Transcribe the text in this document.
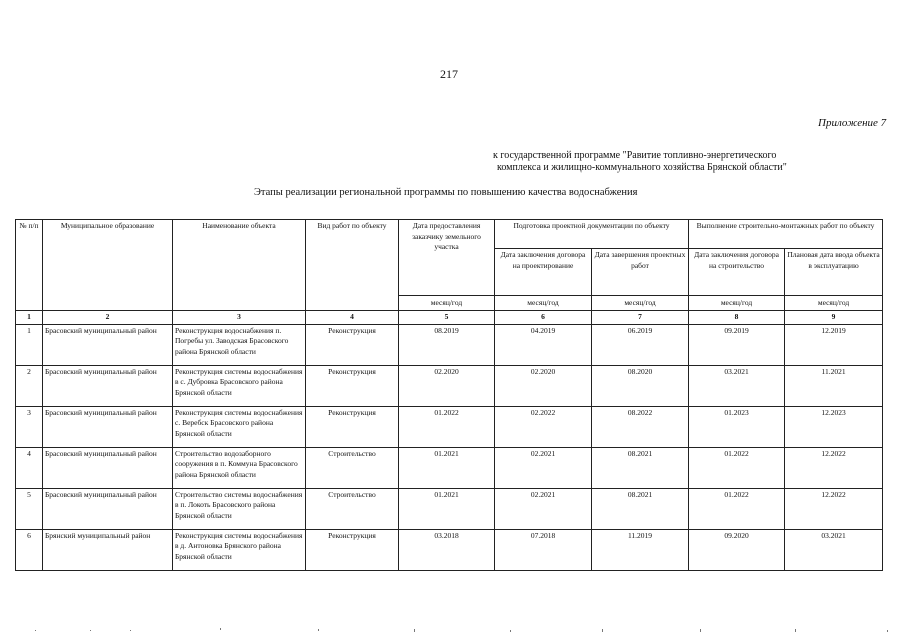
217
Приложение 7
к государственной программе "Равитие топливно-энергетического
комплекса и жилищно-коммунального хозяйства Брянской области"
Этапы реализации региональной программы по повышению качества водоснабжения
№ п/п	Муниципальное образование	Наименование объекта	Вид работ по объекту	Дата предоставления заказчику земельного участка	Подготовка проектной документации по объекту		Выполнение строительно-монтажных работ по объекту	
					Дата заключения договора на проектирование	Дата завершения проектных работ	Дата заключения договора на строительство	Плановая дата ввода объекта в эксплуатацию
				месяц/год	месяц/год	месяц/год	месяц/год	месяц/год
1	2	3	4	5	6	7	8	9
1	Брасовский муниципальный район	Реконструкция водоснабжения п. Погребы ул. Заводская Брасовского района Брянской области	Реконструкция	08.2019	04.2019	06.2019	09.2019	12.2019
2	Брасовский муниципальный район	Реконструкция системы водоснабжения в с. Дубровка Брасовского района Брянской области	Реконструкция	02.2020	02.2020	08.2020	03.2021	11.2021
3	Брасовский муниципальный район	Реконструкция системы водоснабжения с. Веребск Брасовского района Брянской области	Реконструкция	01.2022	02.2022	08.2022	01.2023	12.2023
4	Брасовский муниципальный район	Строительство водозаборного сооружения в п. Коммуна Брасовского района Брянской области	Строительство	01.2021	02.2021	08.2021	01.2022	12.2022
5	Брасовский муниципальный район	Строительство системы водоснабжения в п. Локоть Брасовского района Брянской области	Строительство	01.2021	02.2021	08.2021	01.2022	12.2022
6	Брянский муниципальный район	Реконструкция системы водоснабжения в д. Антоновка Брянского района Брянской области	Реконструкция	03.2018	07.2018	11.2019	09.2020	03.2021
